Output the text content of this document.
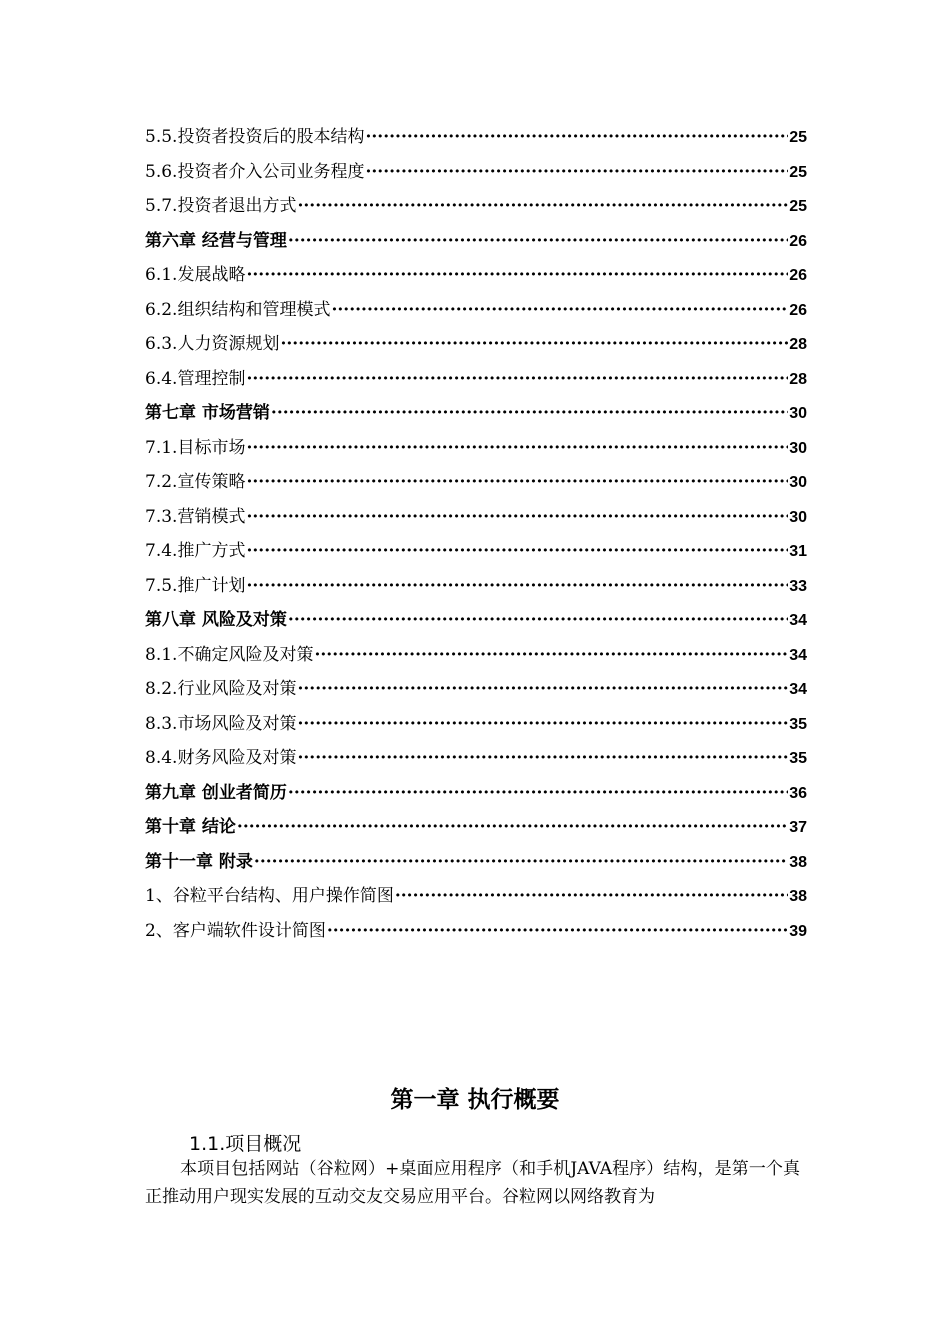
5.5.投资者投资后的股本结构 ·····	25
5.6.投资者介入公司业务程度 ·····	25
5.7.投资者退出方式 ·····	25
第六章 经营与管理 ·····	26
6.1.发展战略 ·····	26
6.2.组织结构和管理模式 ·····	26
6.3.人力资源规划 ·····	28
6.4.管理控制 ·····	28
第七章 市场营销 ·····	30
7.1.目标市场 ·····	30
7.2.宣传策略 ·····	30
7.3.营销模式 ·····	30
7.4.推广方式 ·····	31
7.5.推广计划 ·····	33
第八章 风险及对策 ·····	34
8.1.不确定风险及对策 ·····	34
8.2.行业风险及对策 ·····	34
8.3.市场风险及对策 ·····	35
8.4.财务风险及对策 ·····	35
第九章 创业者简历 ·····	36
第十章 结论 ·····	37
第十一章 附录 ·····	38
1、谷粒平台结构、用户操作简图 ·····	38
2、客户端软件设计简图 ·····	39
第一章 执行概要
1.1.项目概况

本项目包括网站（谷粒网）+桌面应用程序（和手机JAVA程序）结构，是第一个真正推动用户现实发展的互动交友交易应用平台。谷粒网以网络教育为
